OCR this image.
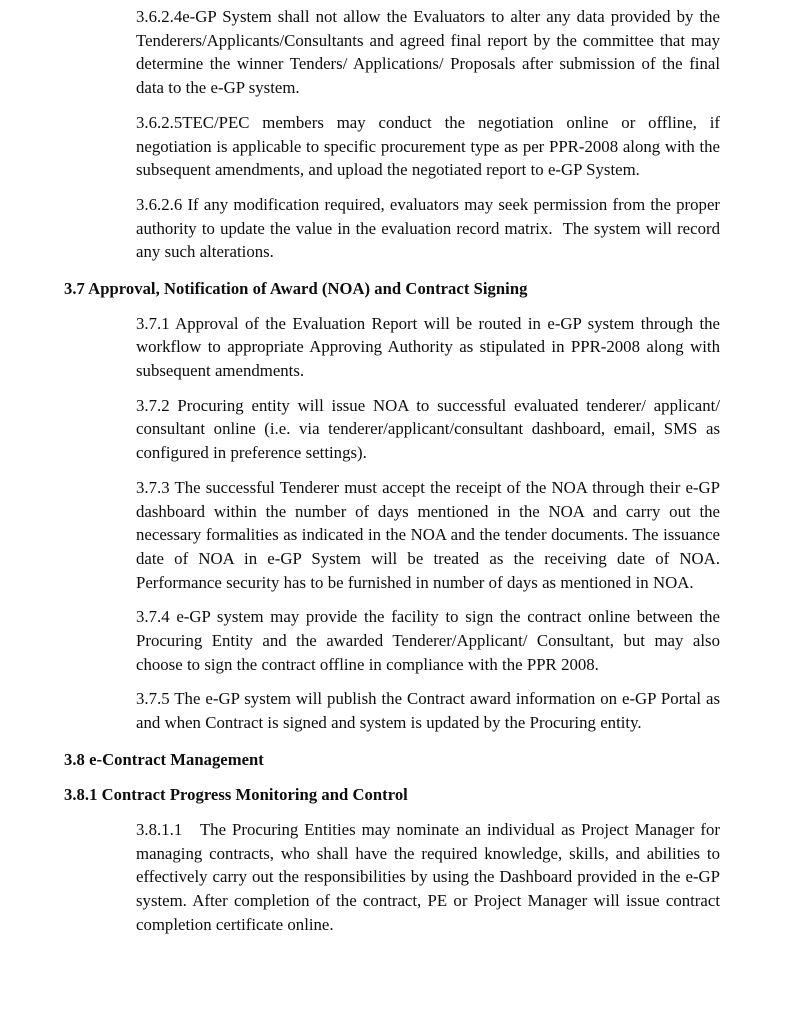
3.6.2.4e-GP System shall not allow the Evaluators to alter any data provided by the Tenderers/Applicants/Consultants and agreed final report by the committee that may determine the winner Tenders/ Applications/ Proposals after submission of the final data to the e-GP system.

3.6.2.5TEC/PEC members may conduct the negotiation online or offline, if negotiation is applicable to specific procurement type as per PPR-2008 along with the subsequent amendments, and upload the negotiated report to e-GP System.

3.6.2.6 If any modification required, evaluators may seek permission from the proper authority to update the value in the evaluation record matrix.  The system will record any such alterations.

3.7 Approval, Notification of Award (NOA) and Contract Signing

3.7.1 Approval of the Evaluation Report will be routed in e-GP system through the workflow to appropriate Approving Authority as stipulated in PPR-2008 along with subsequent amendments.

3.7.2 Procuring entity will issue NOA to successful evaluated tenderer/ applicant/ consultant online (i.e. via tenderer/applicant/consultant dashboard, email, SMS as configured in preference settings).

3.7.3 The successful Tenderer must accept the receipt of the NOA through their e-GP dashboard within the number of days mentioned in the NOA and carry out the necessary formalities as indicated in the NOA and the tender documents. The issuance date of NOA in e-GP System will be treated as the receiving date of NOA. Performance security has to be furnished in number of days as mentioned in NOA.

3.7.4 e-GP system may provide the facility to sign the contract online between the Procuring Entity and the awarded Tenderer/Applicant/ Consultant, but may also choose to sign the contract offline in compliance with the PPR 2008.

3.7.5 The e-GP system will publish the Contract award information on e-GP Portal as and when Contract is signed and system is updated by the Procuring entity.

3.8 e-Contract Management
3.8.1 Contract Progress Monitoring and Control

3.8.1.1   The Procuring Entities may nominate an individual as Project Manager for managing contracts, who shall have the required knowledge, skills, and abilities to effectively carry out the responsibilities by using the Dashboard provided in the e-GP system. After completion of the contract, PE or Project Manager will issue contract completion certificate online.
